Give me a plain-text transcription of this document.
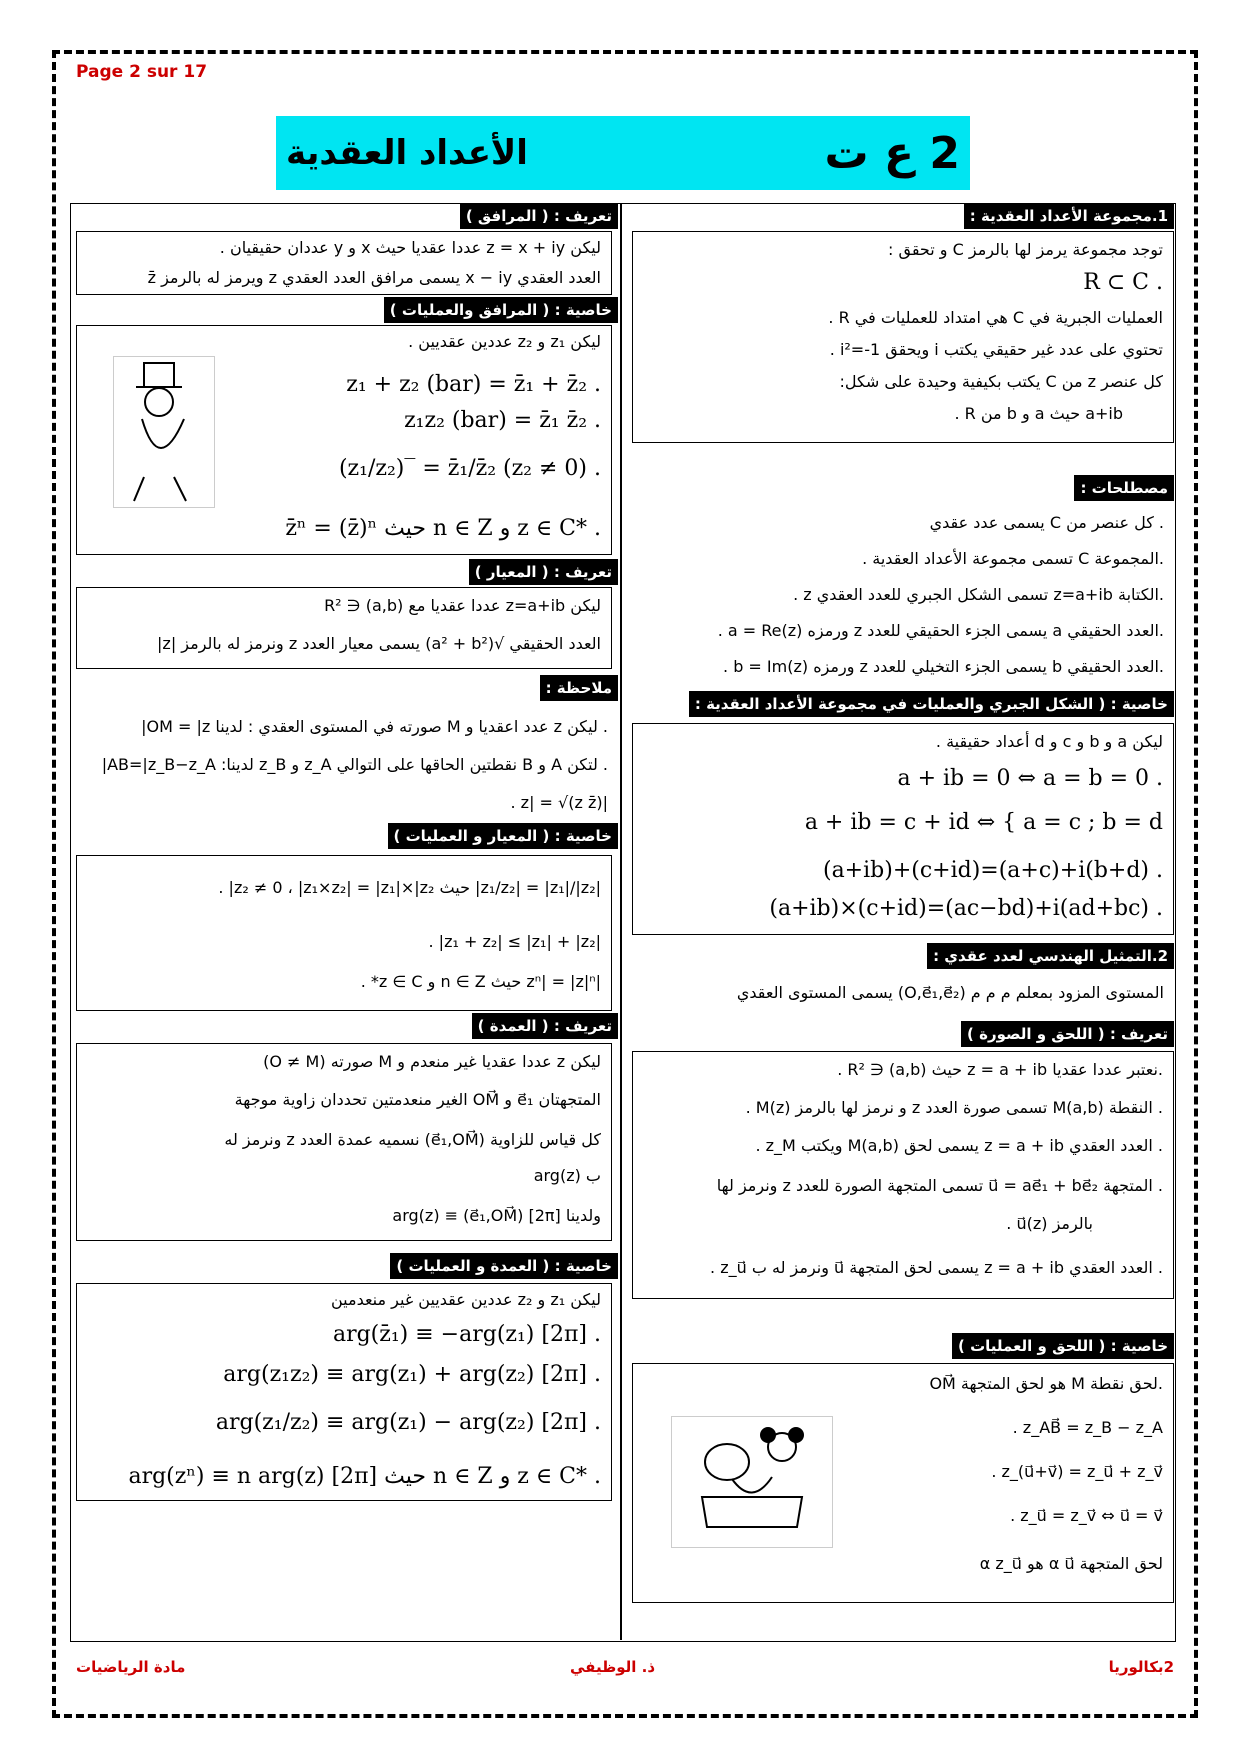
Page 2 sur 17
الأعداد العقدية	2 ع ت
1.مجموعة الأعداد العقدية :
توجد مجموعة يرمز لها بالرمز C و تحقق :
R ⊂ C .
العمليات الجبرية في C هي امتداد للعمليات في R .
تحتوي على عدد غير حقيقي يكتب i ويحقق i²=-1 .
كل عنصر z من C يكتب بكيفية وحيدة على شكل:
a+ib حيث a و b من R .
مصطلحات :
. كل عنصر من C يسمى عدد عقدي
.المجموعة C تسمى مجموعة الأعداد العقدية .
.الكتابة z=a+ib تسمى الشكل الجبري للعدد العقدي z .
.العدد الحقيقي a يسمى الجزء الحقيقي للعدد z ورمزه a = Re(z) .
.العدد الحقيقي b يسمى الجزء التخيلي للعدد z ورمزه b = Im(z) .
خاصية : ( الشكل الجبري والعمليات في مجموعة الأعداد العقدية :
ليكن a و b و c و d أعداد حقيقية .
a + ib = 0 ⇔ a = b = 0 .
a + ib = c + id ⇔ { a = c ; b = d
(a+ib)+(c+id)=(a+c)+i(b+d) .
(a+ib)×(c+id)=(ac−bd)+i(ad+bc) .
2.التمثيل الهندسي لعدد عقدي :
المستوى المزود بمعلم م م م (O,e⃗₁,e⃗₂) يسمى المستوى العقدي
تعريف : ( اللحق و الصورة )
.نعتبر عددا عقديا z = a + ib حيث (a,b) ∈ R² .
. النقطة M(a,b) تسمى صورة العدد z و نرمز لها بالرمز M(z) .
. العدد العقدي z = a + ib يسمى لحق M(a,b) ويكتب z_M .
. المتجهة u⃗ = ae⃗₁ + be⃗₂ تسمى المتجهة الصورة للعدد z ونرمز لها
بالرمز u⃗(z) .
. العدد العقدي z = a + ib يسمى لحق المتجهة u⃗ ونرمز له ب z_u⃗ .
خاصية : ( اللحق و العمليات )
.لحق نقطة M هو لحق المتجهة OM⃗
z_AB⃗ = z_B − z_A .
z_(u⃗+v⃗) = z_u⃗ + z_v⃗ .
z_u⃗ = z_v⃗ ⇔ u⃗ = v⃗ .
لحق المتجهة α u⃗ هو α z_u⃗
تعريف : ( المرافق )
ليكن z = x + iy عددا عقديا حيث x و y عددان حقيقيان .
العدد العقدي x − iy يسمى مرافق العدد العقدي z ويرمز له بالرمز z̄
خاصية : ( المرافق والعمليات )
ليكن z₁ و z₂ عددين عقديين .
z₁ + z₂ (bar) = z̄₁ + z̄₂ .
z₁z₂ (bar) = z̄₁ z̄₂ .
(z₁/z₂)‾ = z̄₁/z̄₂ (z₂ ≠ 0) .
z̄ⁿ = (z̄)ⁿ حيث n ∈ Z و z ∈ C* .
تعريف : ( المعيار )
ليكن z=a+ib عددا عقديا مع (a,b) ∈ R²
العدد الحقيقي √(a² + b²) يسمى معيار العدد z ونرمز له بالرمز |z|
ملاحظة :
. ليكن z عدد اعقديا و M صورته في المستوى العقدي : لدينا OM = |z|
. لتكن A و B نقطتين الحاقها على التوالي z_A و z_B لدينا: AB=|z_B−z_A|
|z| = √(z z̄) .
خاصية : ( المعيار و العمليات )
|z₁/z₂| = |z₁|/|z₂| حيث z₂ ≠ 0 ، |z₁×z₂| = |z₁|×|z₂| .
|z₁ + z₂| ≤ |z₁| + |z₂| .
|zⁿ| = |z|ⁿ حيث n ∈ Z و z ∈ C* .
تعريف : ( العمدة )
ليكن z عددا عقديا غير منعدم و M صورته (O ≠ M)
المتجهتان e⃗₁ و OM⃗ الغير منعدمتين تحددان زاوية موجهة
كل قياس للزاوية (e⃗₁,OM⃗) نسميه عمدة العدد z ونرمز له
ب arg(z)
ولدينا arg(z) ≡ (e⃗₁,OM⃗) [2π]
خاصية : ( العمدة و العمليات )
ليكن z₁ و z₂ عددين عقديين غير منعدمين
arg(z̄₁) ≡ −arg(z₁) [2π] .
arg(z₁z₂) ≡ arg(z₁) + arg(z₂) [2π] .
arg(z₁/z₂) ≡ arg(z₁) − arg(z₂) [2π] .
arg(zⁿ) ≡ n arg(z) [2π] حيث n ∈ Z و z ∈ C* .
مادة الرياضيات	ذ. الوظيفي	2بكالوريا
